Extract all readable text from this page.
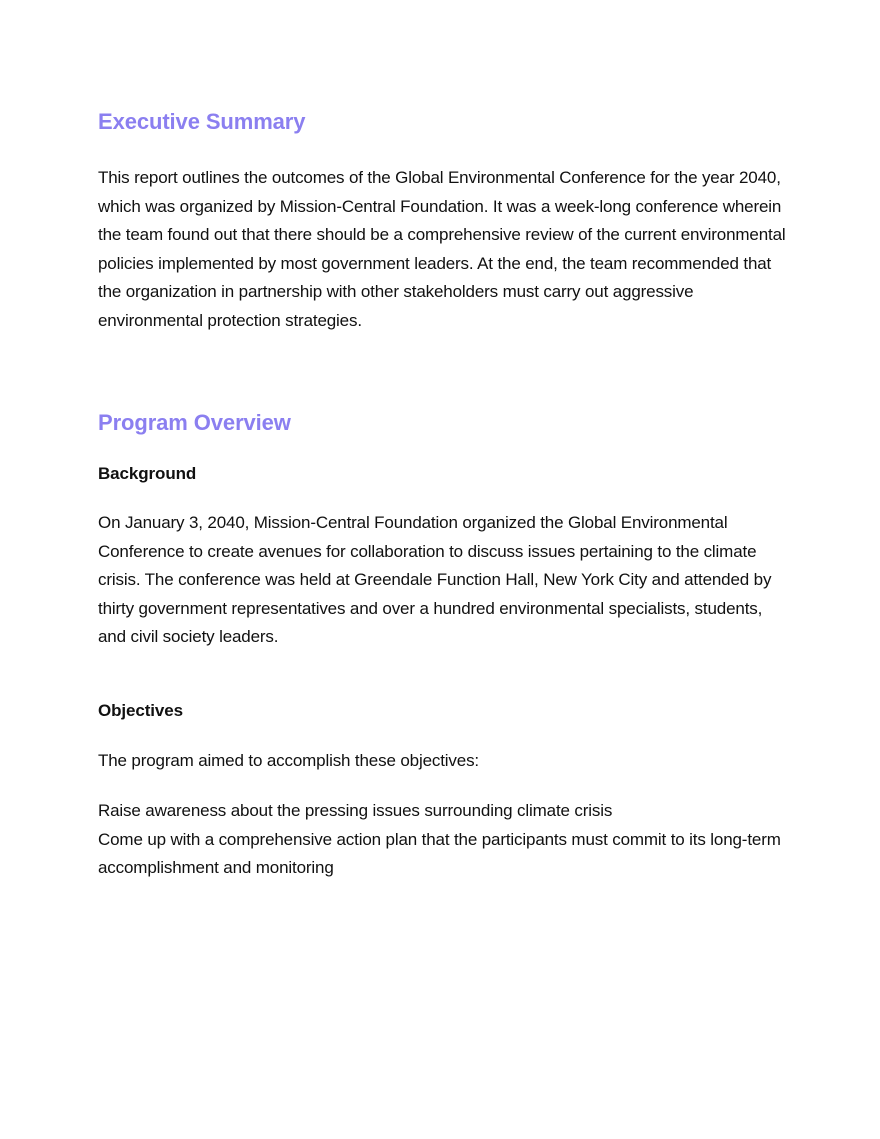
Executive Summary

This report outlines the outcomes of the Global Environmental Conference for the year 2040, which was organized by Mission-Central Foundation. It was a week-long conference wherein the team found out that there should be a comprehensive review of the current environmental policies implemented by most government leaders. At the end, the team recommended that the organization in partnership with other stakeholders must carry out aggressive environmental protection strategies.

Program Overview
Background

On January 3, 2040, Mission-Central Foundation organized the Global Environmental Conference to create avenues for collaboration to discuss issues pertaining to the climate crisis. The conference was held at Greendale Function Hall, New York City and attended by thirty government representatives and over a hundred environmental specialists, students, and civil society leaders.

Objectives

The program aimed to accomplish these objectives:

Raise awareness about the pressing issues surrounding climate crisis
Come up with a comprehensive action plan that the participants must commit to its long-term accomplishment and monitoring
